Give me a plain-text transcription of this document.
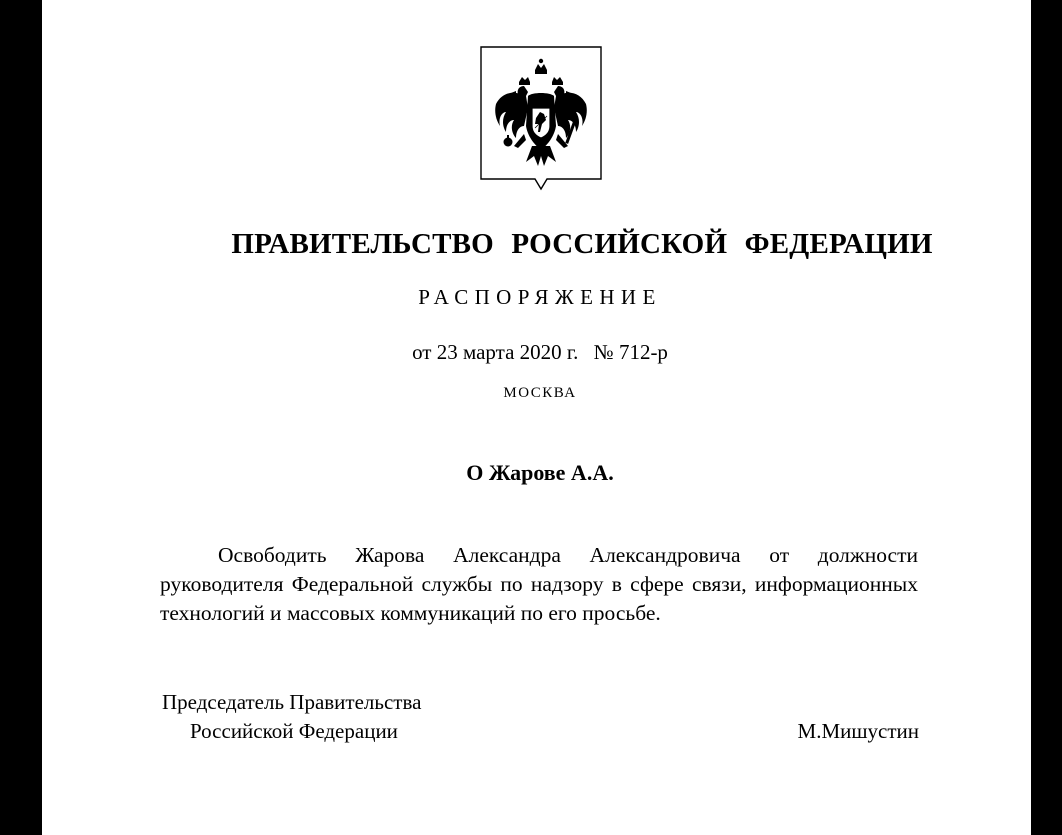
ПРАВИТЕЛЬСТВО РОССИЙСКОЙ ФЕДЕРАЦИИ
РАСПОРЯЖЕНИЕ
от 23 марта 2020 г. № 712-р
МОСКВА
О Жарове А.А.

Освободить Жарова Александра Александровича от должности руководителя Федеральной службы по надзору в сфере связи, информационных технологий и массовых коммуникаций по его просьбе.

Председатель Правительства
Российской Федерации	М.Мишустин
